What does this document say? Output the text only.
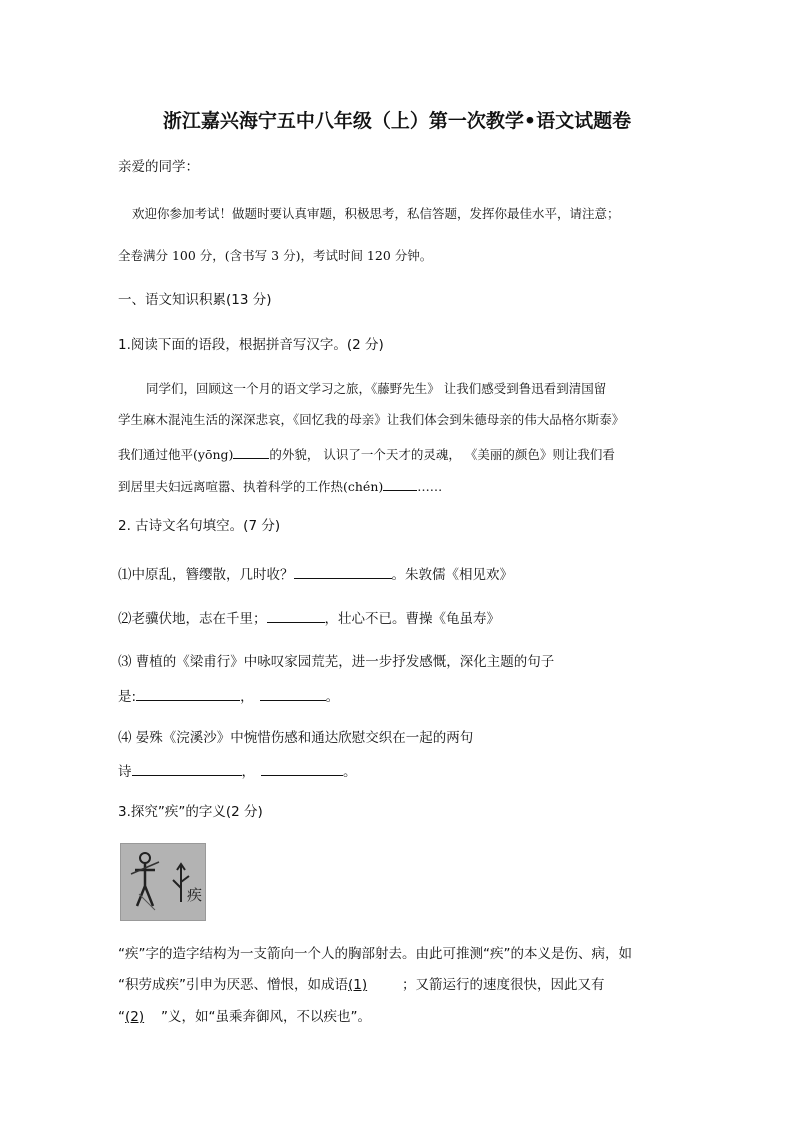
浙江嘉兴海宁五中八年级（上）第一次教学•语文试题卷
亲爱的同学：
欢迎你参加考试！做题时要认真审题，积极思考，私信答题，发挥你最佳水平，请注意；
全卷满分 100 分，(含书写 3 分)，考试时间 120 分钟。
一、语文知识积累(13 分)
1.阅读下面的语段，根据拼音写汉字。(2 分)
同学们，回顾这一个月的语文学习之旅，《藤野先生》 让我们感受到鲁迅看到清国留
学生麻木混沌生活的深深悲哀，《回忆我的母亲》让我们体会到朱德母亲的伟大品格尔斯泰》
我们通过他平(yōng)	的外貌， 认识了一个天才的灵魂， 《美丽的颜色》则让我们看
到居里夫妇远离喧嚣、执着科学的工作热(chén)	……
2. 古诗文名句填空。(7 分)
⑴中原乱，簪缨散，几时收？	。朱敦儒《相见欢》
⑵老骥伏地，志在千里；	，壮心不已。曹操《龟虽寿》
⑶ 曹植的《梁甫行》中咏叹家园荒芜，进一步抒发感慨，深化主题的句子
是:	，	。
⑷ 晏殊《浣溪沙》中惋惜伤感和通达欣慰交织在一起的两句
诗	，	。
3.探究”疾”的字义(2 分)
疾
“疾”字的造字结构为一支箭向一个人的胸部射去。由此可推测“疾”的本义是伤、病，如
“积劳成疾”引申为厌恶、憎恨，如成语(1)	；又箭运行的速度很快，因此又有
“(2) ”义，如“虽乘奔御风，不以疾也”。
